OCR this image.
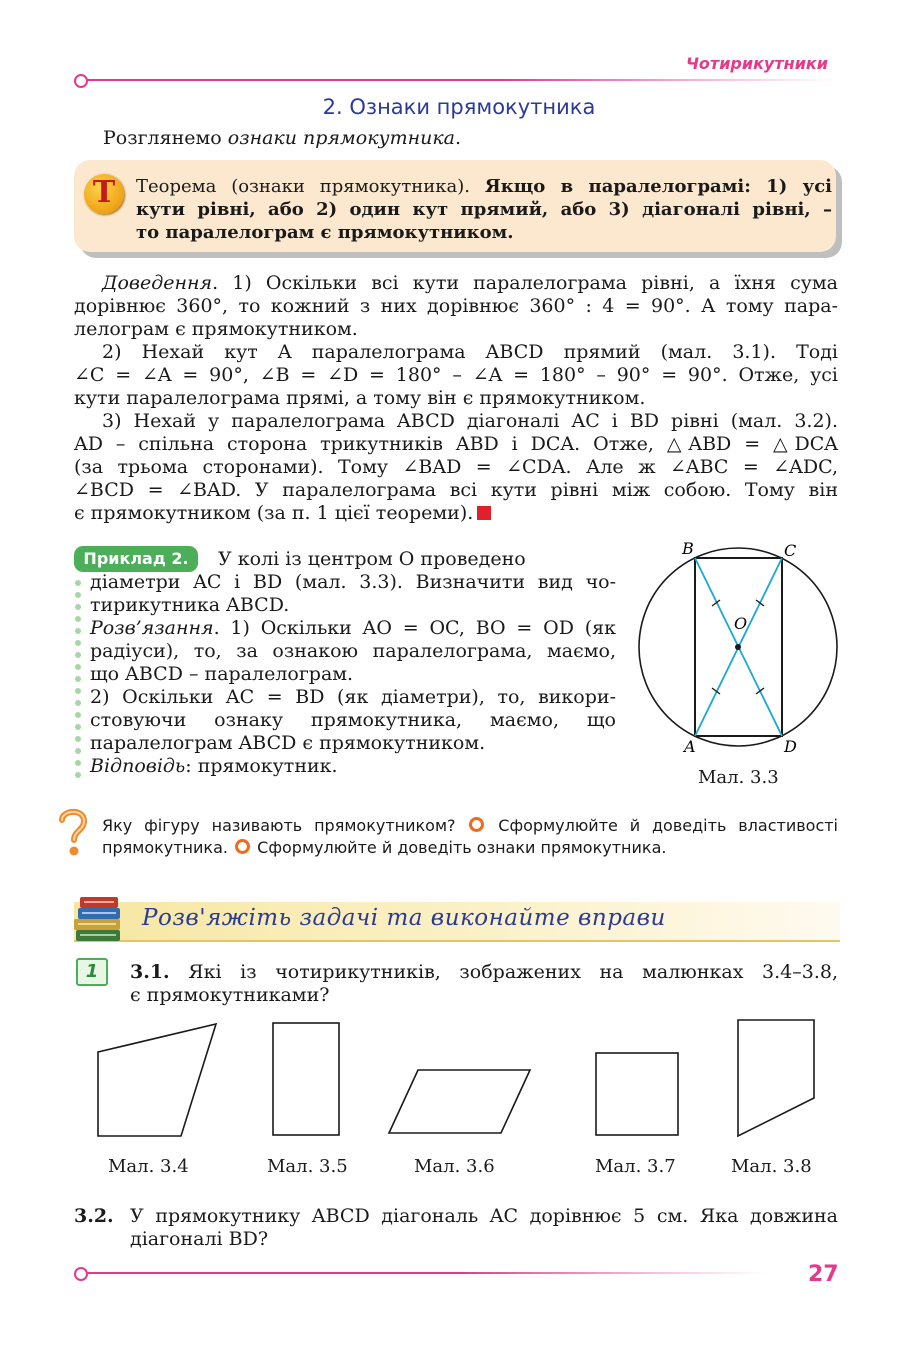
Чотирикутники
2. Ознаки прямокутника
Розглянемо ознаки прямокутника.
Т	Теорема (ознаки прямокутника). Якщо в паралелограмі: 1) усі
кути рівні, або 2) один кут прямий, або 3) діагоналі рівні, –
то паралелограм є прямокутником.
Доведення. 1) Оскільки всі кути паралелограма рівні, а їхня сума
дорівнює 360°, то кожний з них дорівнює 360° : 4 = 90°. А тому пара-
лелограм є прямокутником.
2) Нехай кут A паралелограма ABCD прямий (мал. 3.1). Тоді
∠C = ∠A = 90°, ∠B = ∠D = 180° – ∠A = 180° – 90° = 90°. Отже, усі
кути паралелограма прямі, а тому він є прямокутником.
3) Нехай у паралелограма ABCD діагоналі AC і BD рівні (мал. 3.2).
AD – спільна сторона трикутників ABD і DCA. Отже, △ABD = △DCA
(за трьома сторонами). Тому ∠BAD = ∠CDA. Але ж ∠ABC = ∠ADC,
∠BCD = ∠BAD. У паралелограма всі кути рівні між собою. Тому він
є прямокутником (за п. 1 цієї теореми).
Приклад 2.	У колі із центром O проведено
діаметри AC і BD (мал. 3.3). Визначити вид чо-
тирикутника ABCD.
Розв’язання. 1) Оскільки AO = OC, BO = OD (як
радіуси), то, за ознакою паралелограма, маємо,
що ABCD – паралелограм.
2) Оскільки AC = BD (як діаметри), то, викори-
стовуючи ознаку прямокутника, маємо, що
паралелограм ABCD є прямокутником.
Відповідь: прямокутник.
B	C
O
A	D
Мал. 3.3
Яку фігуру називають прямокутником?  Сформулюйте й доведіть властивості
прямокутника.  Сформулюйте й доведіть ознаки прямокутника.
Розв'яжіть задачі та виконайте вправи
1	3.1. Які із чотирикутників, зображених на малюнках 3.4–3.8,
є прямокутниками?
Мал. 3.4	Мал. 3.5	Мал. 3.6	Мал. 3.7	Мал. 3.8
3.2. У прямокутнику ABCD діагональ AC дорівнює 5 см. Яка довжина
діагоналі BD?
27
